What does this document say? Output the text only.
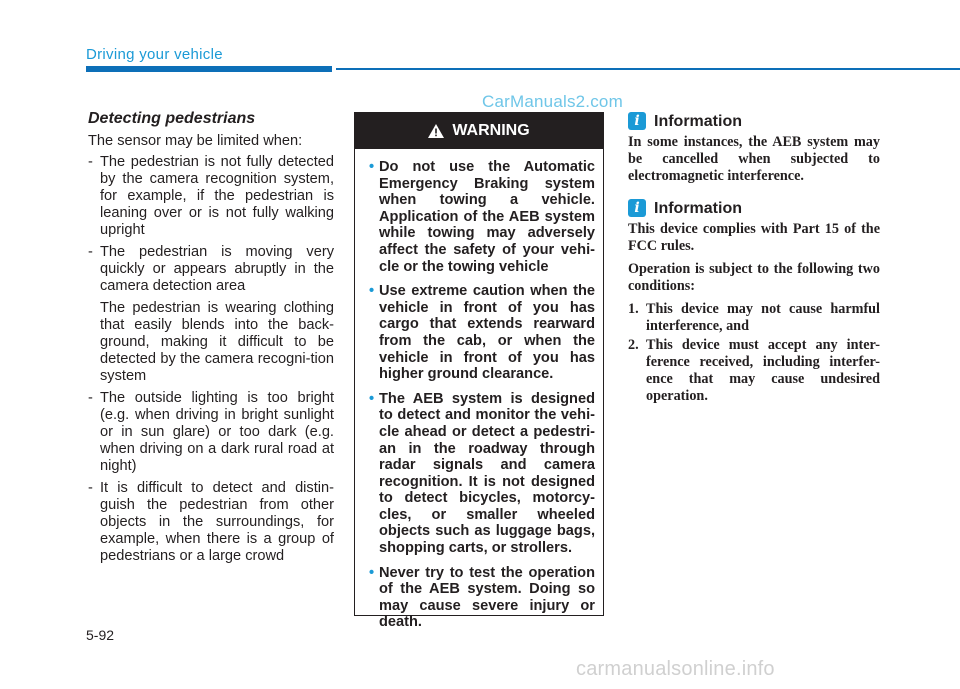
Driving your vehicle
CarManuals2.com
Detecting pedestrians

The sensor may be limited when:

- The pedestrian is not fully detected by the camera recognition system, for example, if the pedestrian is leaning over or is not fully walking upright
- The pedestrian is moving very quickly or appears abruptly in the camera detection area
The pedestrian is wearing clothing that easily blends into the back-ground, making it difficult to be detected by the camera recogni-tion system
- The outside lighting is too bright (e.g. when driving in bright sunlight or in sun glare) or too dark (e.g. when driving on a dark rural road at night)
- It is difficult to detect and distin-guish the pedestrian from other objects in the surroundings, for example, when there is a group of pedestrians or a large crowd
WARNING
• Do not use the Automatic Emergency Braking system when towing a vehicle. Application of the AEB system while towing may adversely affect the safety of your vehi-cle or the towing vehicle
• Use extreme caution when the vehicle in front of you has cargo that extends rearward from the cab, or when the vehicle in front of you has higher ground clearance.
• The AEB system is designed to detect and monitor the vehi-cle ahead or detect a pedestri-an in the roadway through radar signals and camera recognition. It is not designed to detect bicycles, motorcy-cles, or smaller wheeled objects such as luggage bags, shopping carts, or strollers.
• Never try to test the operation of the AEB system. Doing so may cause severe injury or death.
i Information

In some instances, the AEB system may be cancelled when subjected to electromagnetic interference.

i Information

This device complies with Part 15 of the FCC rules.

Operation is subject to the following two conditions:

1. This device may not cause harmful interference, and
2. This device must accept any inter-ference received, including interfer-ence that may cause undesired operation.
5-92
carmanualsonline.info
